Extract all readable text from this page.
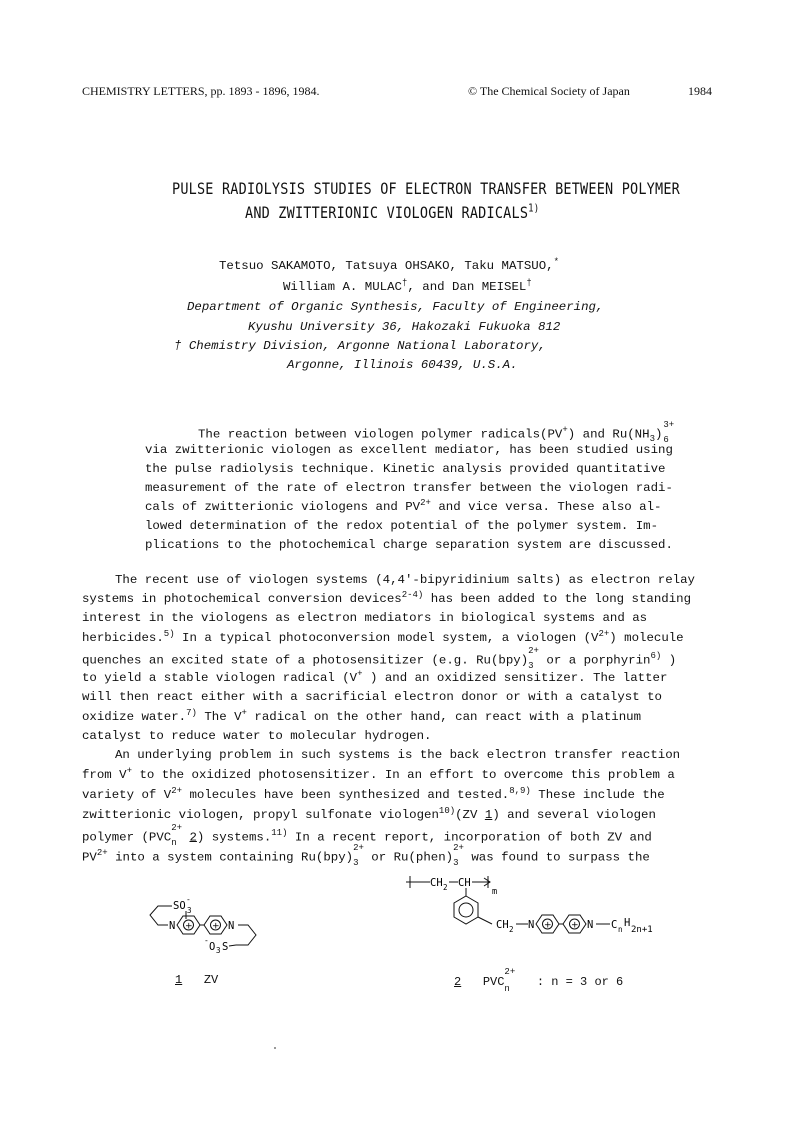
CHEMISTRY LETTERS, pp. 1893 - 1896, 1984.	© The Chemical Society of Japan	1984
PULSE RADIOLYSIS STUDIES OF ELECTRON TRANSFER BETWEEN POLYMER
AND ZWITTERIONIC VIOLOGEN RADICALS$^{1)}$
Tetsuo SAKAMOTO, Tatsuya OHSAKO, Taku MATSUO,*
William A. MULAC†, and Dan MEISEL†
Department of Organic Synthesis, Faculty of Engineering,
Kyushu University 36, Hakozaki Fukuoka 812
† Chemistry Division, Argonne National Laboratory,
Argonne, Illinois 60439, U.S.A.
The reaction between viologen polymer radicals(PV+) and $Ru(NH_3)$
3+
6
via zwitterionic viologen as excellent mediator, has been studied using
the pulse radiolysis technique. Kinetic analysis provided quantitative
measurement of the rate of electron transfer between the viologen radi-
cals of zwitterionic viologens and $PV^{2+}$ and vice versa. These also al-
lowed determination of the redox potential of the polymer system. Im-
plications to the photochemical charge separation system are discussed.
The recent use of viologen systems (4,4'-bipyridinium salts) as electron relay
systems in photochemical conversion devices$^{2-4)}$ has been added to the long standing
interest in the viologens as electron mediators in biological systems and as
herbicides.$^{5)}$ In a typical photoconversion model system, a viologen $(V^{2+})$ molecule
quenches an excited state of a photosensitizer (e.g. Ru(bpy)
2+
3 or a porphyrin$^{6)}$ )
to yield a stable viologen radical (V+ ) and an oxidized sensitizer. The latter
will then react either with a sacrificial electron donor or with a catalyst to
oxidize water.$^{7)}$ The V+ radical on the other hand, can react with a platinum
catalyst to reduce water to molecular hydrogen.
An underlying problem in such systems is the back electron transfer reaction
from V+ to the oxidized photosensitizer. In an effort to overcome this problem a
variety of $V^{2+}$ molecules have been synthesized and tested.$^{8,9)}$ These include the
zwitterionic viologen, propyl sulfonate viologen$^{10)}$(ZV 1) and several viologen
polymer (PVC
2+
n	2) systems.$^{11)}$ In a recent report, incorporation of both ZV and
$PV^{2+}$ into a system containing Ru(bpy)
2+
3 or Ru(phen)
2+
3 was found to surpass the
SO 3
-
N + + N
-
O 3 S
CH 2 CH
m
CH 2 N + + N C n
H
2n+1
1 ZV	2 PVC
2+
n	: n = 3 or 6
